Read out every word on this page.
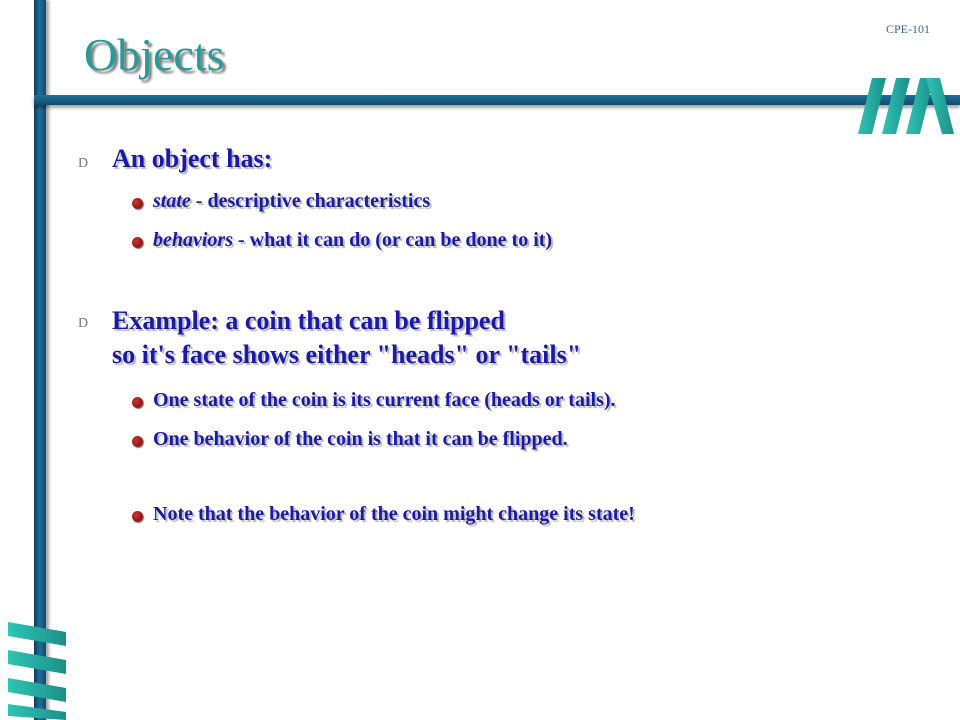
Objects	CPE-101
D An object has:
state - descriptive characteristics
behaviors - what it can do (or can be done to it)
D Example: a coin that can be flipped
so it's face shows either "heads" or "tails"
One state of the coin is its current face (heads or tails).
One behavior of the coin is that it can be flipped.
Note that the behavior of the coin might change its state!
